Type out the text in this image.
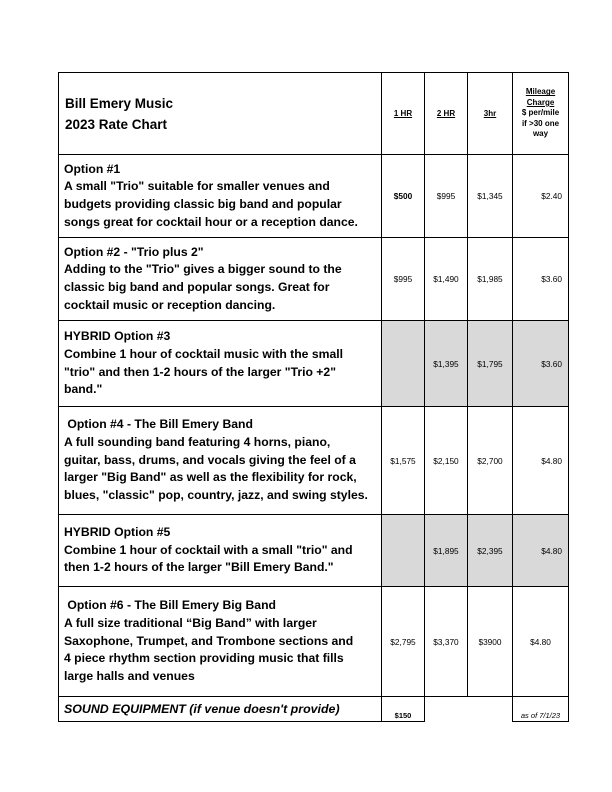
Bill Emery Music
2023 Rate Chart	1 HR	2 HR	3hr	Mileage
Charge
$ per/mile
if >30 one
way

Option #1
A small "Trio" suitable for smaller venues and
budgets providing classic big band and popular
songs great for cocktail hour or a reception dance.	$500	$995	$1,345	$2.40

Option #2 - "Trio plus 2"
Adding to the "Trio" gives a bigger sound to the
classic big band and popular songs. Great for
cocktail music or reception dancing.	$995	$1,490	$1,985	$3.60

HYBRID Option #3
Combine 1 hour of cocktail music with the small
"trio" and then 1-2 hours of the larger "Trio +2"
band."		$1,395	$1,795	$3.60

Option #4 - The Bill Emery Band
A full sounding band featuring 4 horns, piano,
guitar, bass, drums, and vocals giving the feel of a
larger "Big Band" as well as the flexibility for rock,
blues, "classic" pop, country, jazz, and swing styles.	$1,575	$2,150	$2,700	$4.80

HYBRID Option #5
Combine 1 hour of cocktail with a small "trio" and
then 1-2 hours of the larger "Bill Emery Band."		$1,895	$2,395	$4.80

Option #6 - The Bill Emery Big Band
A full size traditional “Big Band” with larger
Saxophone, Trumpet, and Trombone sections and
4 piece rhythm section providing music that fills
large halls and venues	$2,795	$3,370	$3900	$4.80
SOUND EQUIPMENT (if venue doesn't provide)	$150			as of 7/1/23
